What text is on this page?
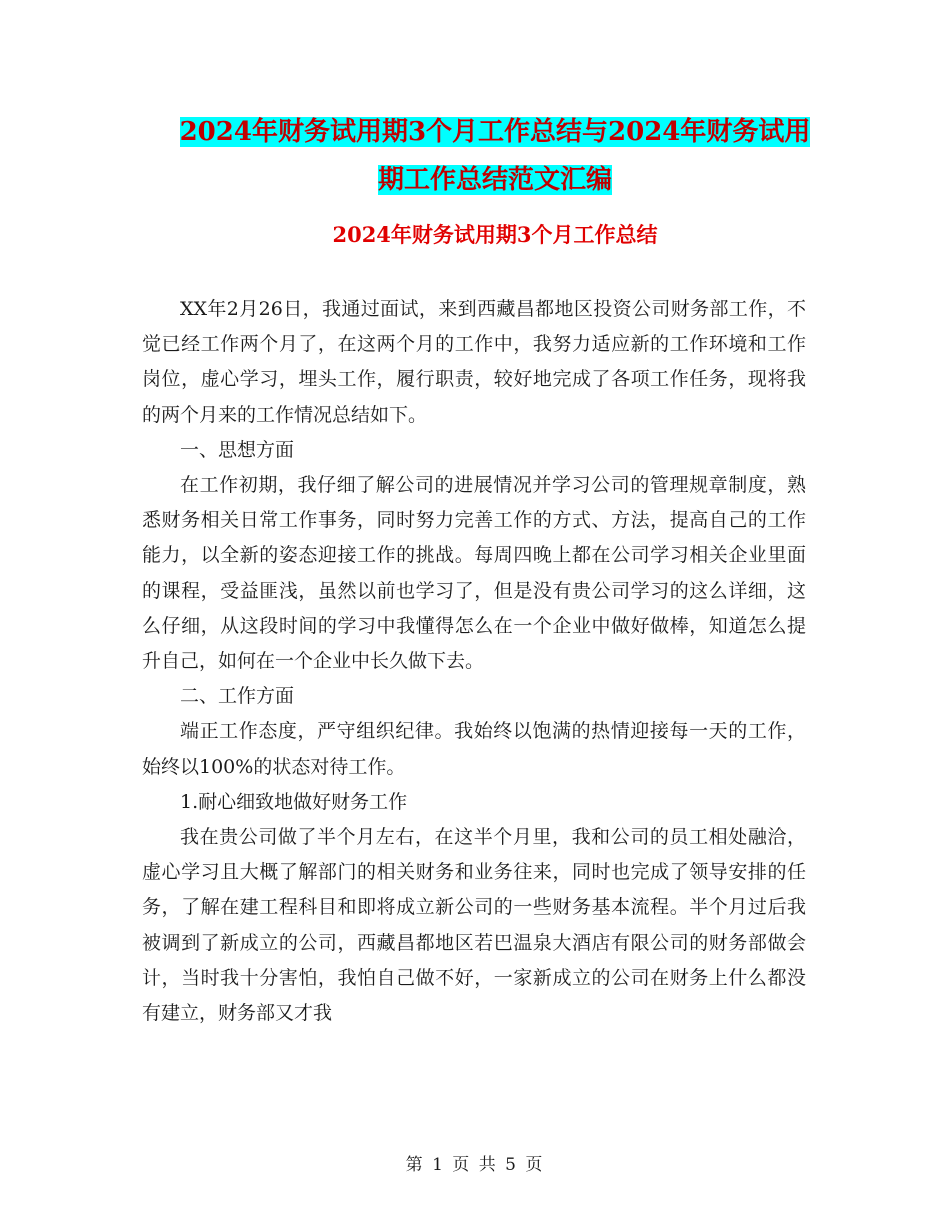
2024年财务试用期3个月工作总结与2024年财务试用
期工作总结范文汇编
2024年财务试用期3个月工作总结

XX年2月26日，我通过面试，来到西藏昌都地区投资公司财务部工作，不觉已经工作两个月了，在这两个月的工作中，我努力适应新的工作环境和工作岗位，虚心学习，埋头工作，履行职责，较好地完成了各项工作任务，现将我的两个月来的工作情况总结如下。

一、思想方面

在工作初期，我仔细了解公司的进展情况并学习公司的管理规章制度，熟悉财务相关日常工作事务，同时努力完善工作的方式、方法，提高自己的工作能力，以全新的姿态迎接工作的挑战。每周四晚上都在公司学习相关企业里面的课程，受益匪浅，虽然以前也学习了，但是没有贵公司学习的这么详细，这么仔细，从这段时间的学习中我懂得怎么在一个企业中做好做棒，知道怎么提升自己，如何在一个企业中长久做下去。

二、工作方面

端正工作态度，严守组织纪律。我始终以饱满的热情迎接每一天的工作，始终以100%的状态对待工作。

1.耐心细致地做好财务工作

我在贵公司做了半个月左右，在这半个月里，我和公司的员工相处融洽，虚心学习且大概了解部门的相关财务和业务往来，同时也完成了领导安排的任务，了解在建工程科目和即将成立新公司的一些财务基本流程。半个月过后我被调到了新成立的公司，西藏昌都地区若巴温泉大酒店有限公司的财务部做会计，当时我十分害怕，我怕自己做不好，一家新成立的公司在财务上什么都没有建立，财务部又才我

第 1 页 共 5 页
